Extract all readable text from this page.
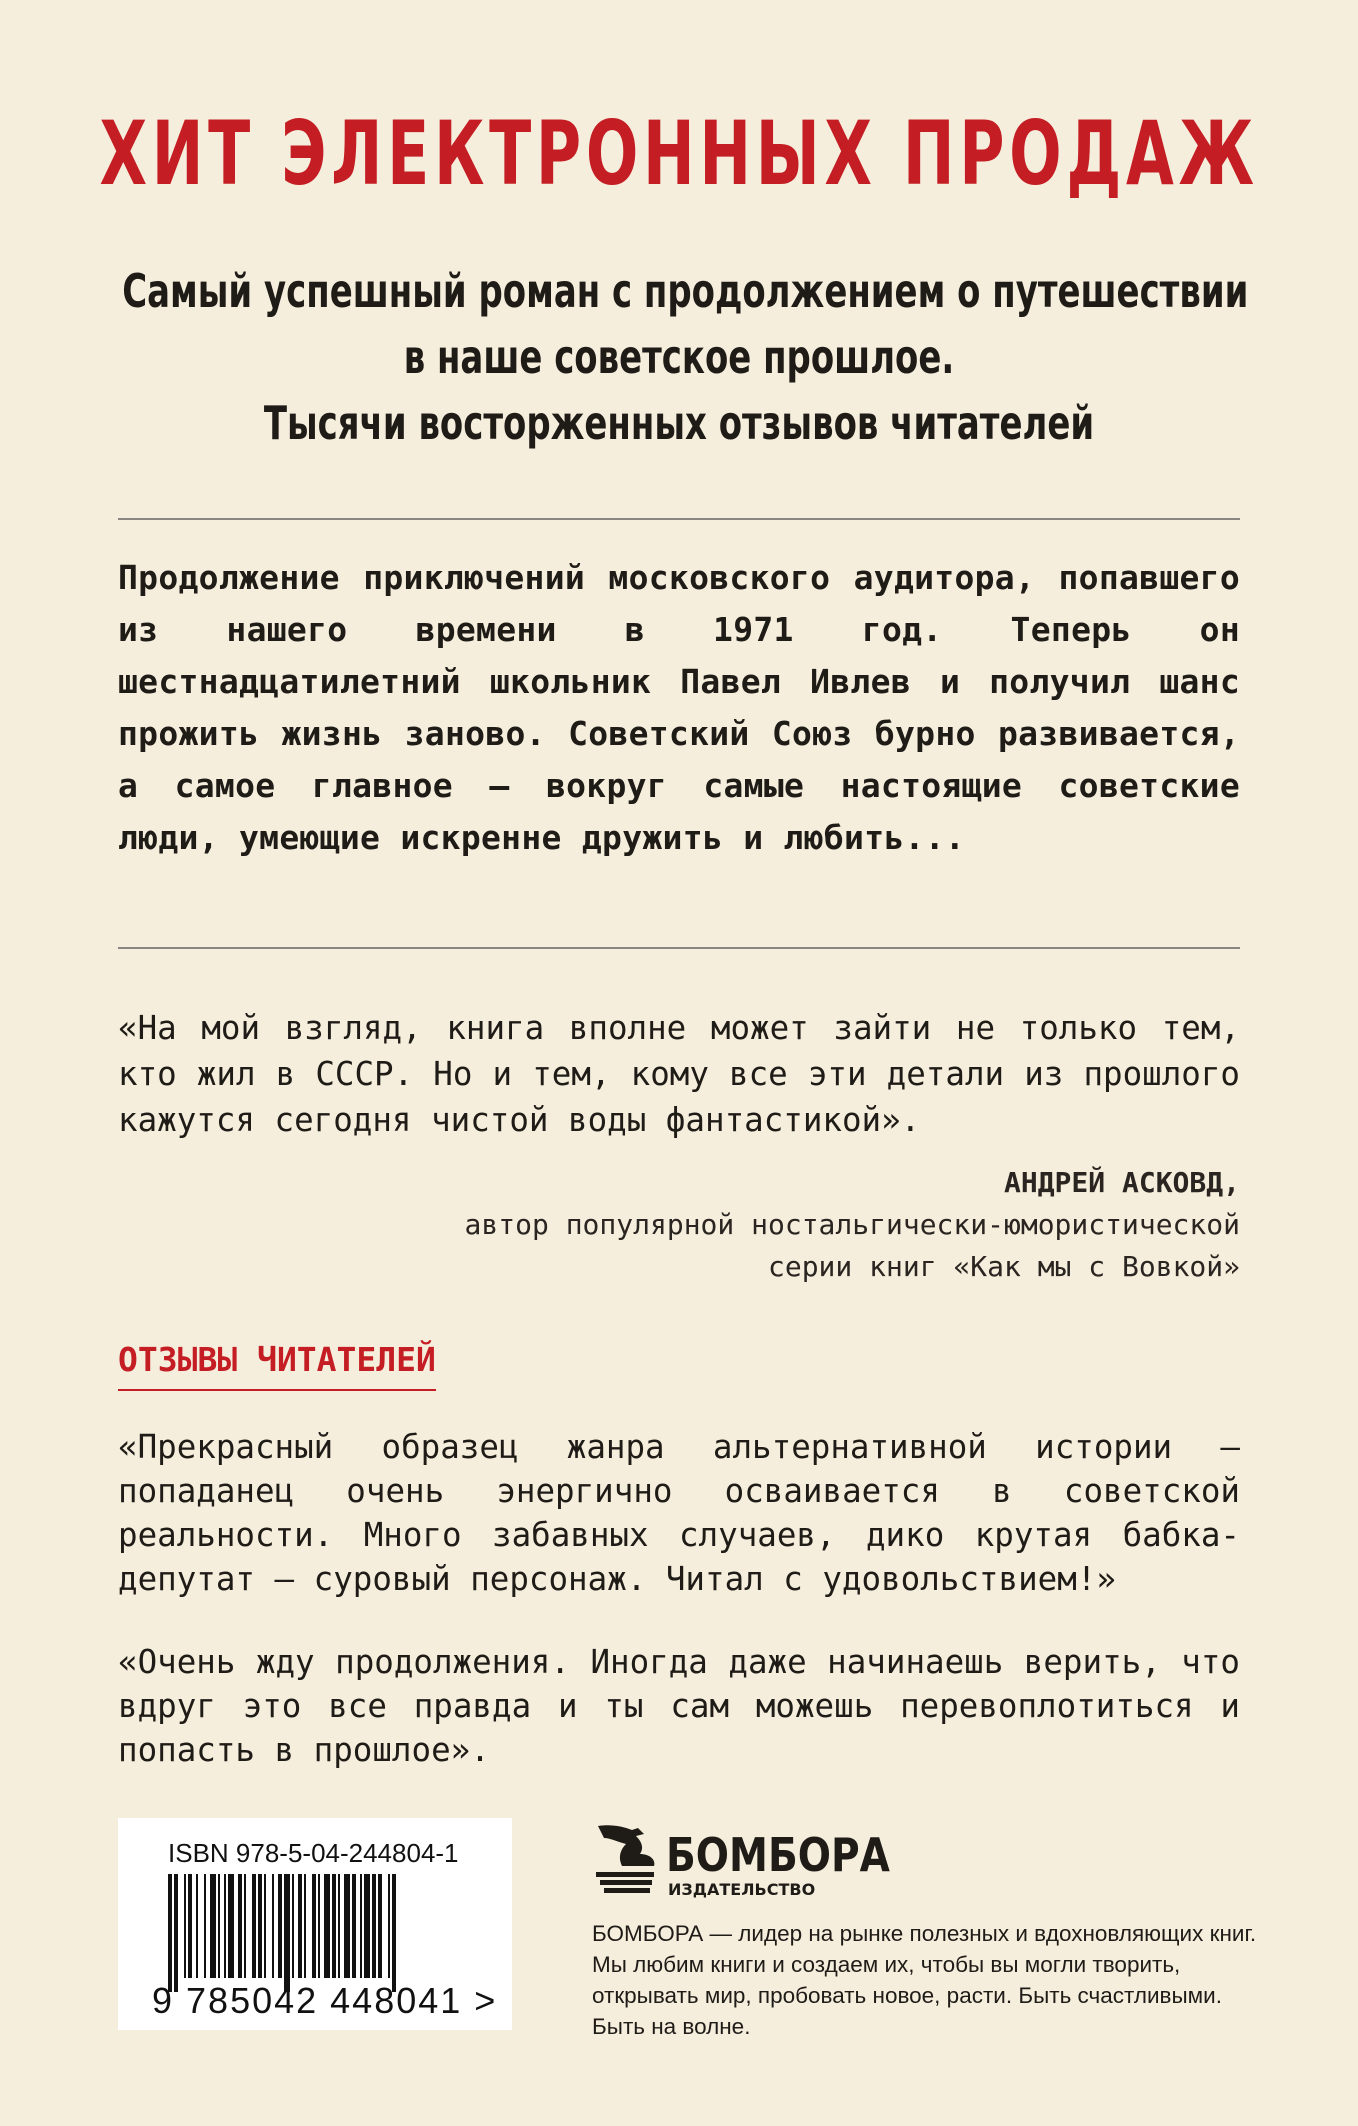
ХИТ ЭЛЕКТРОННЫХ ПРОДАЖ
Самый успешный роман с продолжением о путешествии
в наше советское прошлое.
Тысячи восторженных отзывов читателей
Продолжение приключений московского аудитора, попавшего из нашего времени в 1971 год. Теперь он шестнадцатилетний школьник Павел Ивлев и получил шанс прожить жизнь заново. Советский Союз бурно развивается, а самое главное — вокруг самые настоящие советские люди, умеющие искренне дружить и любить...
«На мой взгляд, книга вполне может зайти не только тем, кто жил в СССР. Но и тем, кому все эти детали из прошлого кажутся сегодня чистой воды фантастикой».
АНДРЕЙ АСКОВД,
автор популярной ностальгически-юмористической
серии книг «Как мы с Вовкой»
ОТЗЫВЫ ЧИТАТЕЛЕЙ
«Прекрасный образец жанра альтернативной истории — попаданец очень энергично осваивается в советской реальности. Много забавных случаев, дико крутая бабка-депутат — суровый персонаж. Читал с удовольствием!»
«Очень жду продолжения. Иногда даже начинаешь верить, что вдруг это все правда и ты сам можешь перевоплотиться и попасть в прошлое».
ISBN 978-5-04-244804-1
9 785042 448041 >
БОМБОРА
ИЗДАТЕЛЬСТВО
БОМБОРА — лидер на рынке полезных и вдохновляющих книг. Мы любим книги и создаем их, чтобы вы могли творить, открывать мир, пробовать новое, расти. Быть счастливыми. Быть на волне.
